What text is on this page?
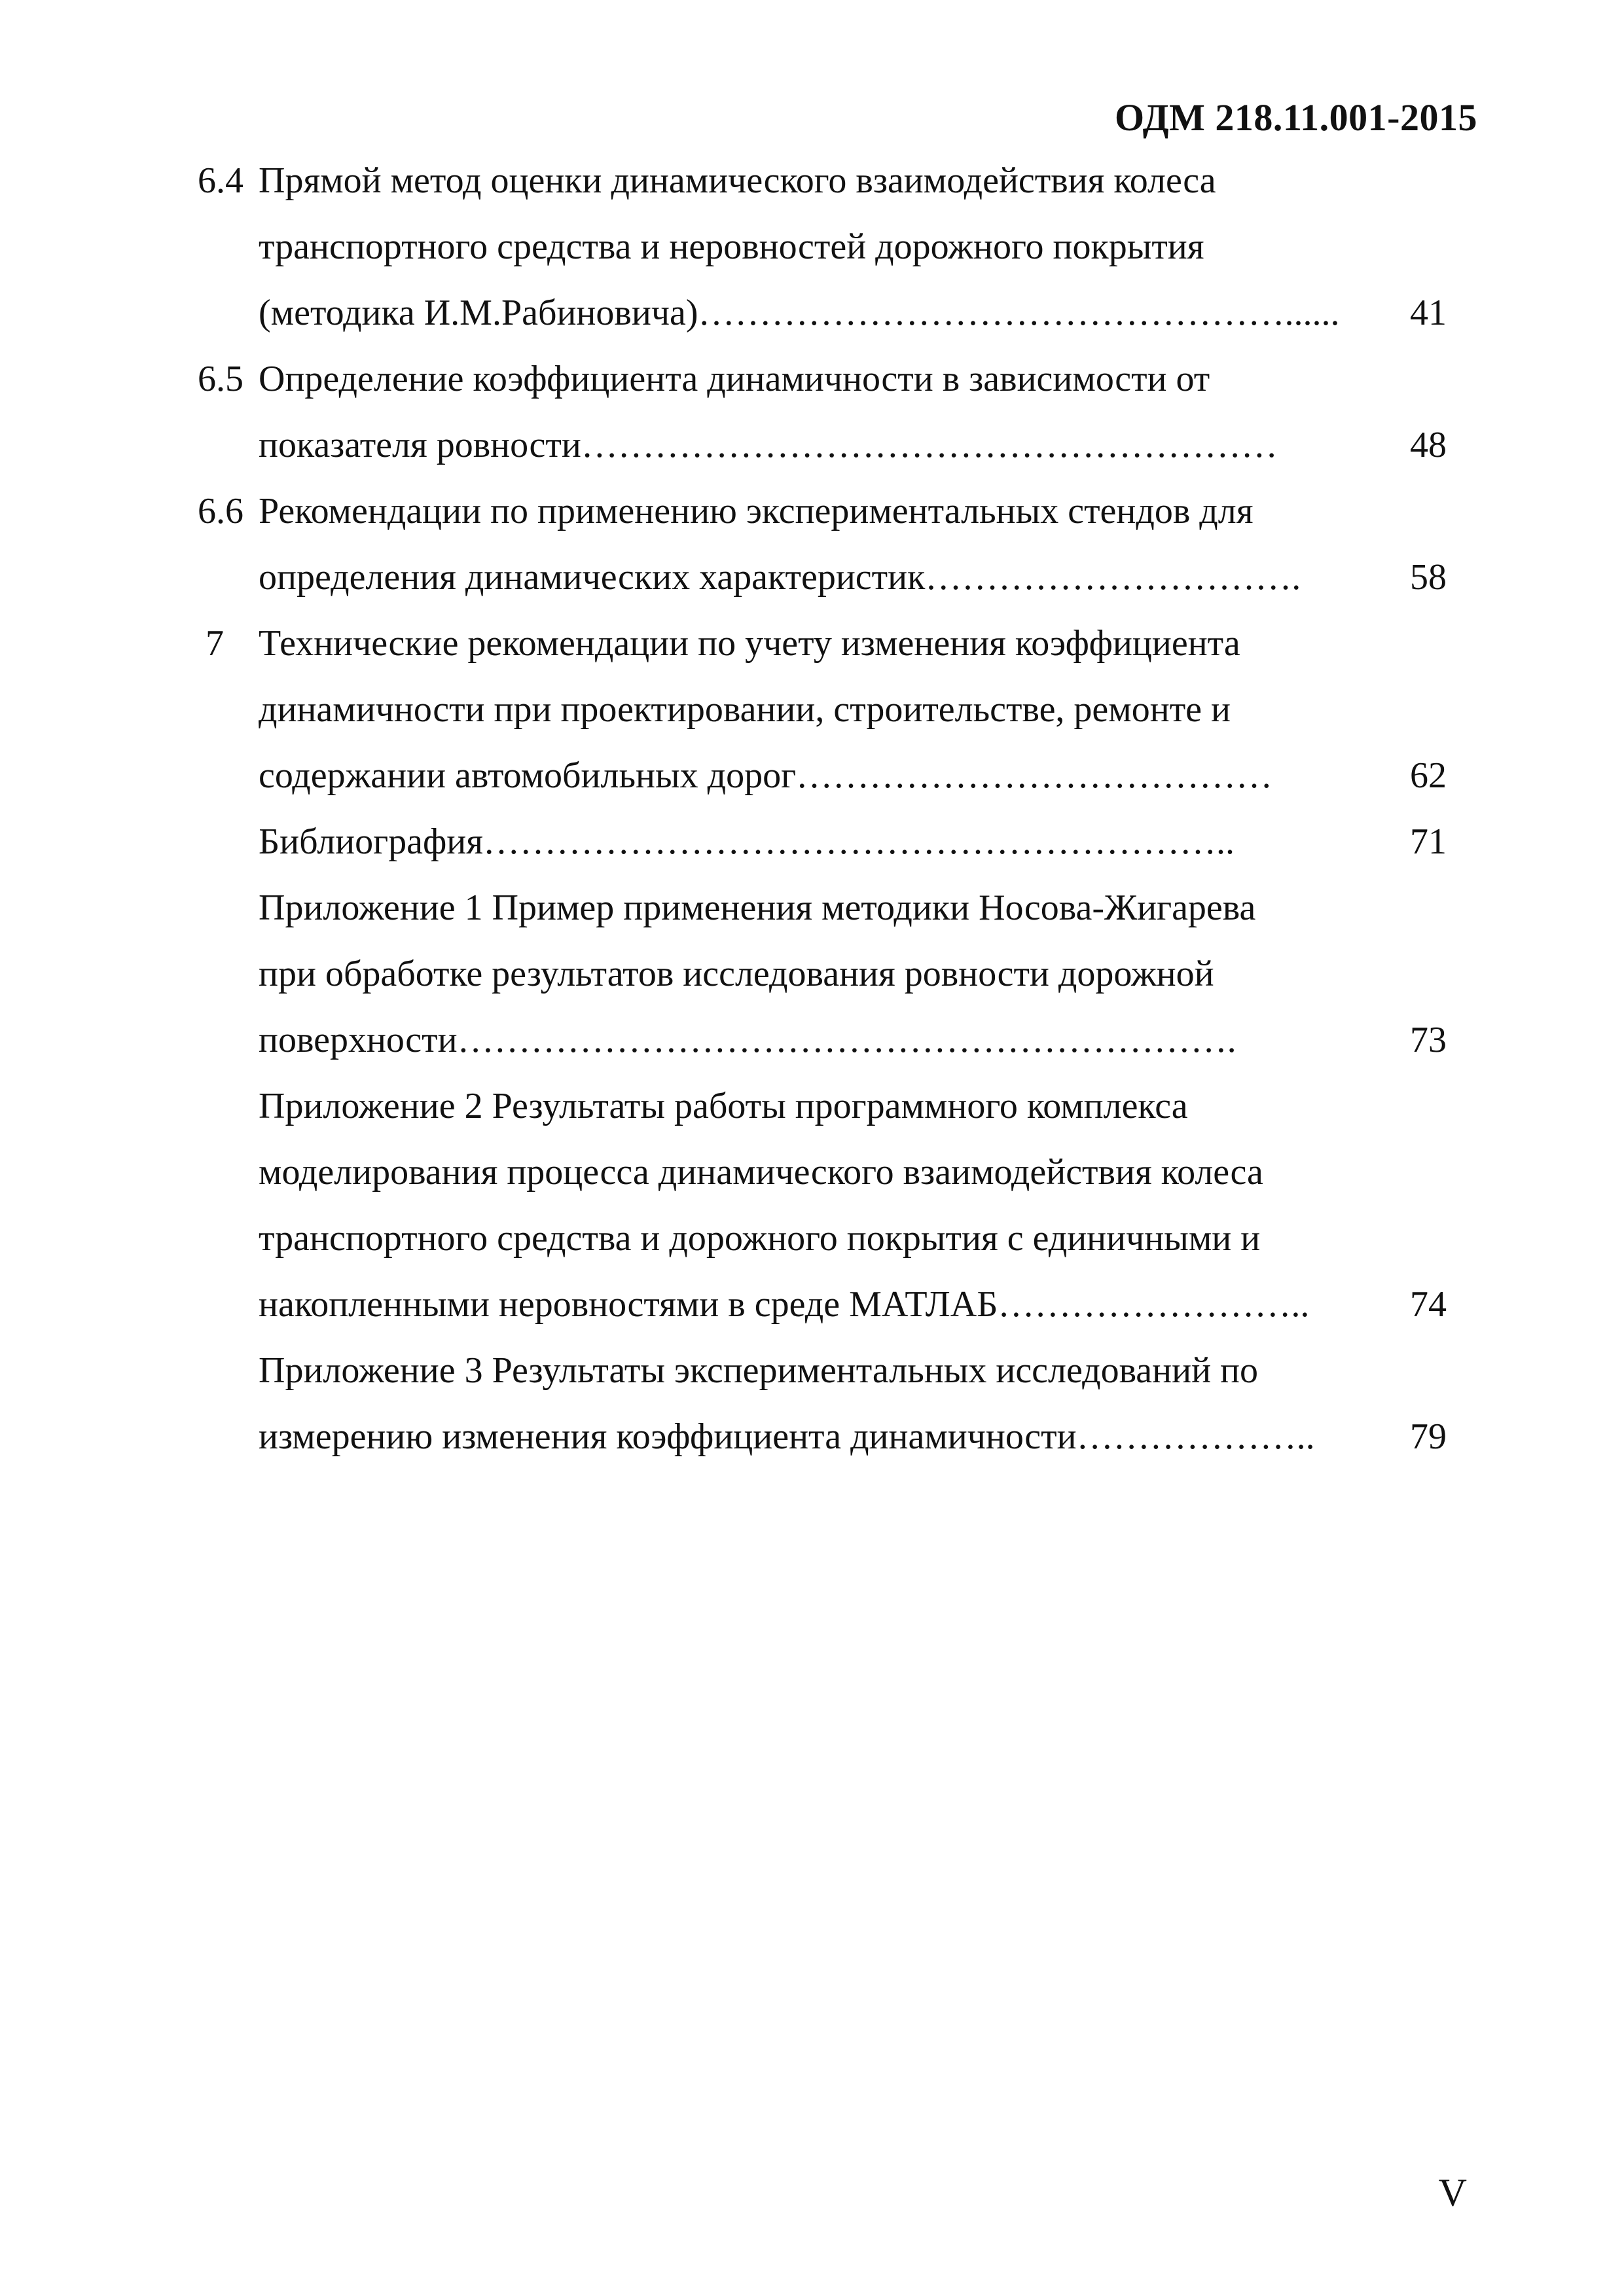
ОДМ 218.11.001-2015
6.4 Прямой метод оценки динамического взаимодействия колеса
транспортного средства и неровностей дорожного покрытия
(методика И.М.Рабиновича)…………………………………………......	41
6.5 Определение коэффициента динамичности в зависимости от
показателя ровности…………………………………………………	48
6.6 Рекомендации по применению экспериментальных стендов для
определения динамических характеристик………………………….	58
7 Технические рекомендации по учету изменения коэффициента
динамичности при проектировании, строительстве, ремонте и
содержании автомобильных дорог…………………………………	62
Библиография……………………………………………………..	71
Приложение 1 Пример применения методики Носова-Жигарева
при обработке результатов исследования ровности дорожной
поверхности……………………………………………………….	73
Приложение 2 Результаты работы программного комплекса
моделирования процесса динамического взаимодействия колеса
транспортного средства и дорожного покрытия с единичными и
накопленными неровностями в среде МАТЛАБ……………………..	74
Приложение 3 Результаты экспериментальных исследований по
измерению изменения коэффициента динамичности………………..	79
V
